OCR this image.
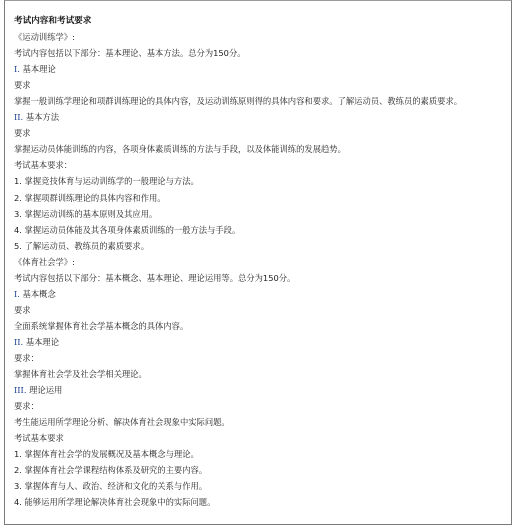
考试内容和考试要求
《运动训练学》:
考试内容包括以下部分：基本理论、基本方法。总分为150分。
I. 基本理论
要求
掌握一般训练学理论和项群训练理论的具体内容，及运动训练原则得的具体内容和要求。了解运动员、教练员的素质要求。
II. 基本方法
要求
掌握运动员体能训练的内容，各项身体素质训练的方法与手段，以及体能训练的发展趋势。
考试基本要求：
1. 掌握竞技体育与运动训练学的一般理论与方法。
2. 掌握项群训练理论的具体内容和作用。
3. 掌握运动训练的基本原则及其应用。
4. 掌握运动员体能及其各项身体素质训练的一般方法与手段。
5. 了解运动员、教练员的素质要求。
《体育社会学》:
考试内容包括以下部分：基本概念、基本理论、理论运用等。总分为150分。
I. 基本概念
要求
全面系统掌握体育社会学基本概念的具体内容。
II. 基本理论
要求：
掌握体育社会学及社会学相关理论。
III. 理论运用
要求：
考生能运用所学理论分析、解决体育社会现象中实际问题。
考试基本要求
1. 掌握体育社会学的发展概况及基本概念与理论。
2. 掌握体育社会学课程结构体系及研究的主要内容。
3. 掌握体育与人、政治、经济和文化的关系与作用。
4. 能够运用所学理论解决体育社会现象中的实际问题。
